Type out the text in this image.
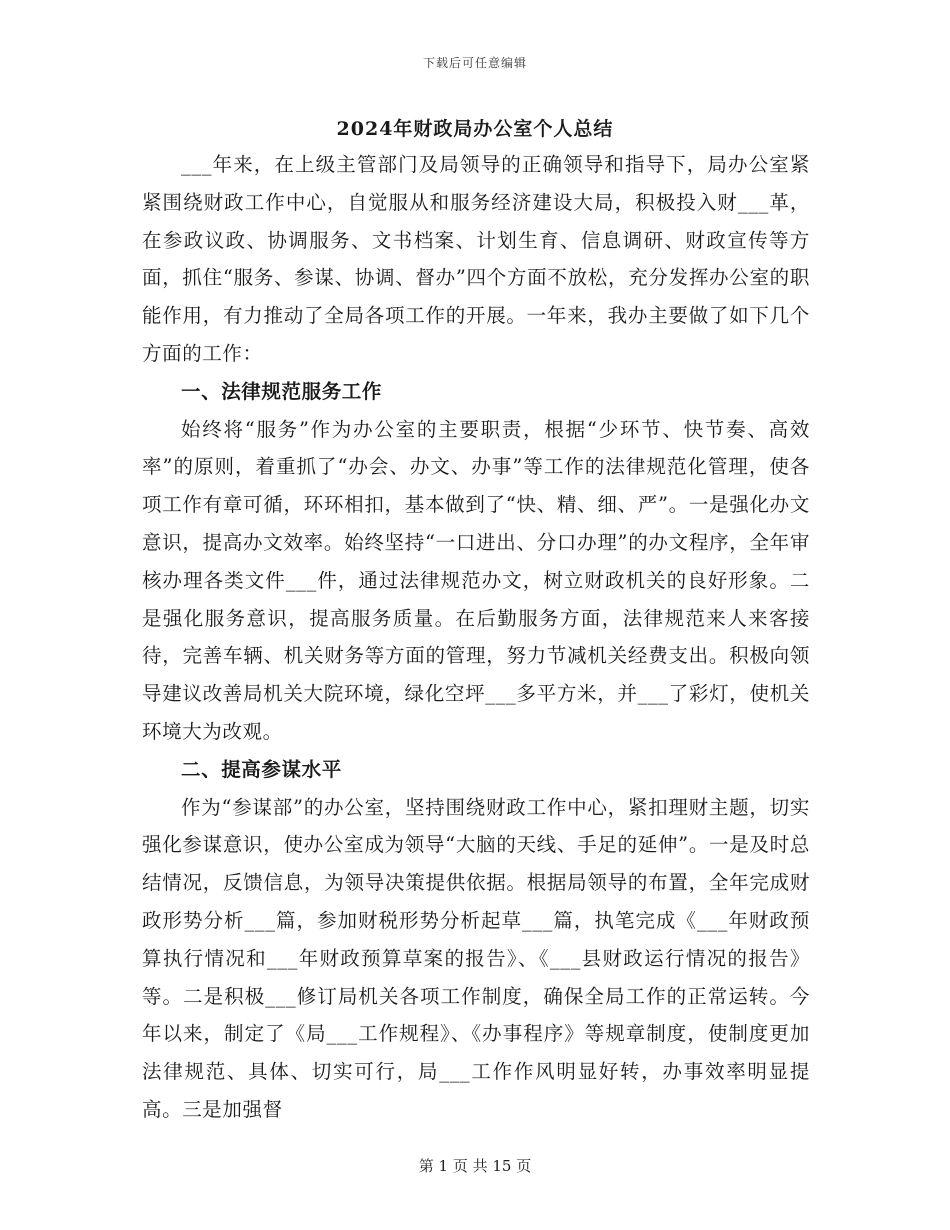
下载后可任意编辑
2024年财政局办公室个人总结

___年来，在上级主管部门及局领导的正确领导和指导下，局办公室紧紧围绕财政工作中心，自觉服从和服务经济建设大局，积极投入财___革，在参政议政、协调服务、文书档案、计划生育、信息调研、财政宣传等方面，抓住“服务、参谋、协调、督办”四个方面不放松，充分发挥办公室的职能作用，有力推动了全局各项工作的开展。一年来，我办主要做了如下几个方面的工作：

一、法律规范服务工作

始终将“服务”作为办公室的主要职责，根据“少环节、快节奏、高效率”的原则，着重抓了“办会、办文、办事”等工作的法律规范化管理，使各项工作有章可循，环环相扣，基本做到了“快、精、细、严”。一是强化办文意识，提高办文效率。始终坚持“一口进出、分口办理”的办文程序，全年审核办理各类文件___件，通过法律规范办文，树立财政机关的良好形象。二是强化服务意识，提高服务质量。在后勤服务方面，法律规范来人来客接待，完善车辆、机关财务等方面的管理，努力节减机关经费支出。积极向领导建议改善局机关大院环境，绿化空坪___多平方米，并___了彩灯，使机关环境大为改观。

二、提高参谋水平

作为“参谋部”的办公室，坚持围绕财政工作中心，紧扣理财主题，切实强化参谋意识，使办公室成为领导“大脑的天线、手足的延伸”。一是及时总结情况，反馈信息，为领导决策提供依据。根据局领导的布置，全年完成财政形势分析___篇，参加财税形势分析起草___篇，执笔完成《___年财政预算执行情况和___年财政预算草案的报告》、《___县财政运行情况的报告》等。二是积极___修订局机关各项工作制度，确保全局工作的正常运转。今年以来，制定了《局___工作规程》、《办事程序》等规章制度，使制度更加法律规范、具体、切实可行，局___工作作风明显好转，办事效率明显提高。三是加强督

第 1 页 共 15 页
